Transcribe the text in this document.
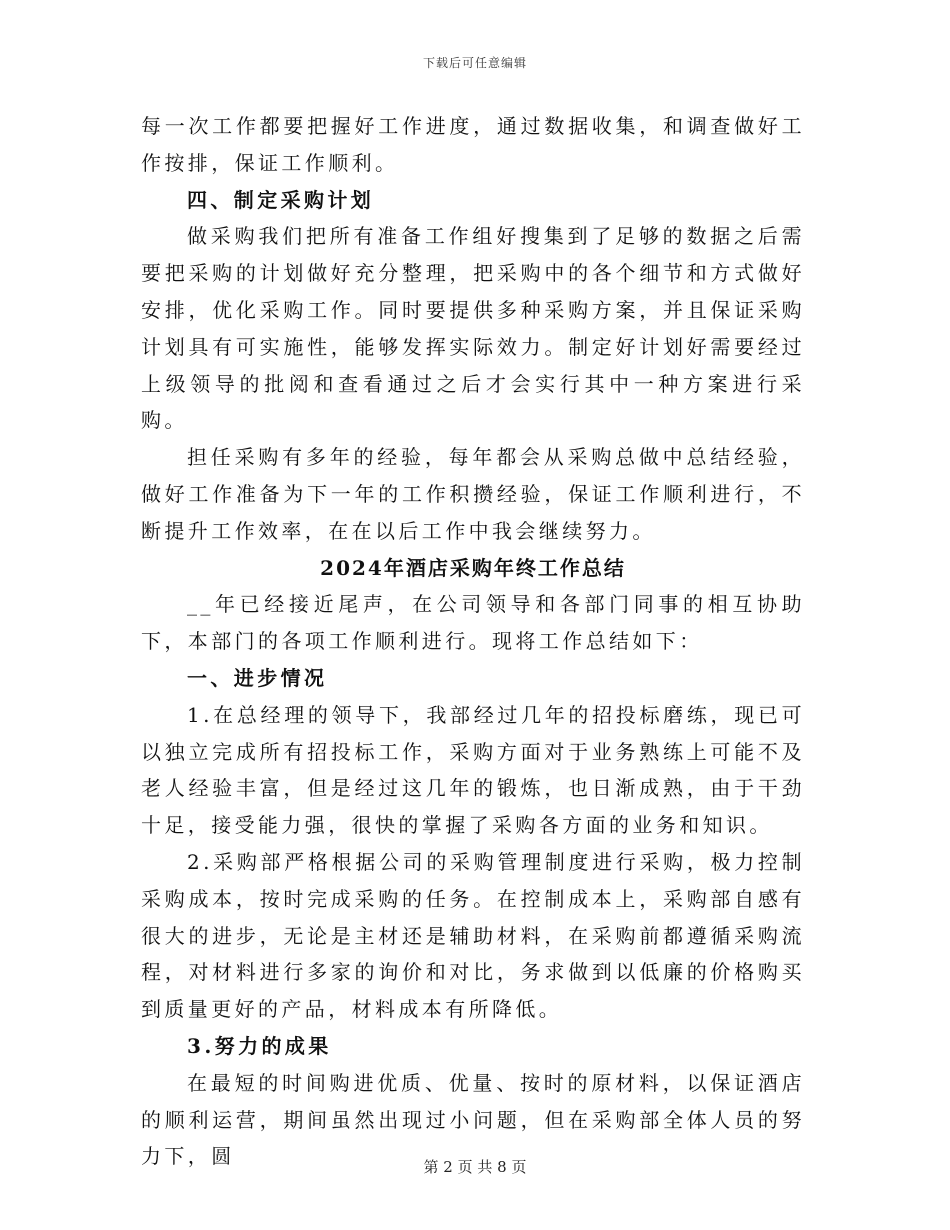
下载后可任意编辑

每一次工作都要把握好工作进度，通过数据收集，和调查做好工作按排，保证工作顺利。

四、制定采购计划

做采购我们把所有准备工作组好搜集到了足够的数据之后需要把采购的计划做好充分整理，把采购中的各个细节和方式做好安排，优化采购工作。同时要提供多种采购方案，并且保证采购计划具有可实施性，能够发挥实际效力。制定好计划好需要经过上级领导的批阅和查看通过之后才会实行其中一种方案进行采购。

担任采购有多年的经验，每年都会从采购总做中总结经验，做好工作准备为下一年的工作积攒经验，保证工作顺利进行，不断提升工作效率，在在以后工作中我会继续努力。

2024年酒店采购年终工作总结

__年已经接近尾声，在公司领导和各部门同事的相互协助下，本部门的各项工作顺利进行。现将工作总结如下：

一、进步情况

1.在总经理的领导下，我部经过几年的招投标磨练，现已可以独立完成所有招投标工作，采购方面对于业务熟练上可能不及老人经验丰富，但是经过这几年的锻炼，也日渐成熟，由于干劲十足，接受能力强，很快的掌握了采购各方面的业务和知识。

2.采购部严格根据公司的采购管理制度进行采购，极力控制采购成本，按时完成采购的任务。在控制成本上，采购部自感有很大的进步，无论是主材还是辅助材料，在采购前都遵循采购流程，对材料进行多家的询价和对比，务求做到以低廉的价格购买到质量更好的产品，材料成本有所降低。

3.努力的成果

在最短的时间购进优质、优量、按时的原材料，以保证酒店的顺利运营，期间虽然出现过小问题，但在采购部全体人员的努力下，圆	第 2 页 共 8 页
